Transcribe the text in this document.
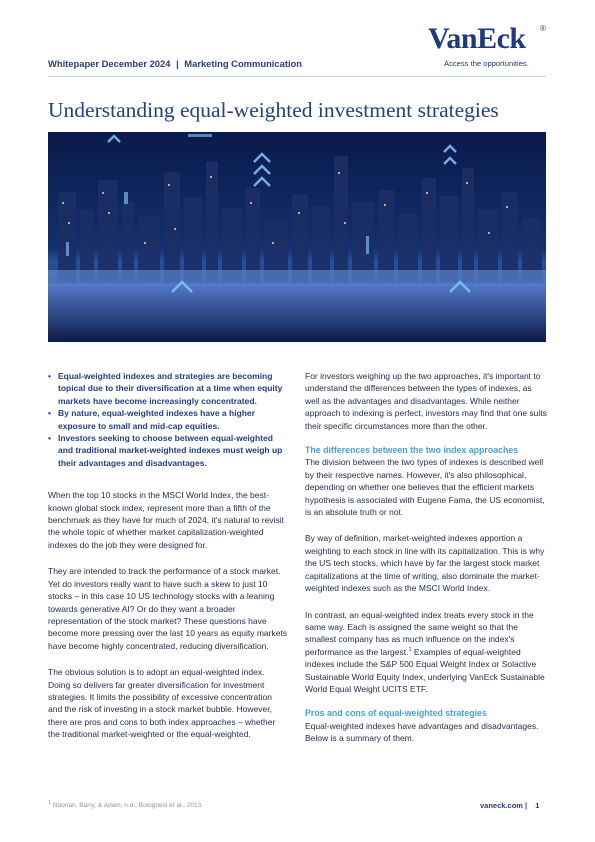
Whitepaper December 2024 | Marketing Communication
VanEck ®
Access the opportunities.
Understanding equal-weighted investment strategies
• Equal-weighted indexes and strategies are becoming topical due to their diversification at a time when equity markets have become increasingly concentrated.
• By nature, equal-weighted indexes have a higher exposure to small and mid-cap equities.
• Investors seeking to choose between equal-weighted and traditional market-weighted indexes must weigh up their advantages and disadvantages.

When the top 10 stocks in the MSCI World Index, the best-known global stock index, represent more than a fifth of the benchmark as they have for much of 2024, it's natural to revisit the whole topic of whether market capitalization-weighted indexes do the job they were designed for.

They are intended to track the performance of a stock market. Yet do investors really want to have such a skew to just 10 stocks – in this case 10 US technology stocks with a leaning towards generative AI? Or do they want a broader representation of the stock market? These questions have become more pressing over the last 10 years as equity markets have become highly concentrated, reducing diversification.

The obvious solution is to adopt an equal-weighted index. Doing so delivers far greater diversification for investment strategies. It limits the possibility of excessive concentration and the risk of investing in a stock market bubble. However, there are pros and cons to both index approaches – whether the traditional market-weighted or the equal-weighted.

For investors weighing up the two approaches, it's important to understand the differences between the types of indexes, as well as the advantages and disadvantages. While neither approach to indexing is perfect, investors may find that one suits their specific circumstances more than the other.

The differences between the two index approaches

The division between the two types of indexes is described well by their respective names. However, it's also philosophical, depending on whether one believes that the efficient markets hypothesis is associated with Eugene Fama, the US economist, is an absolute truth or not.

By way of definition, market-weighted indexes apportion a weighting to each stock in line with its capitalization. This is why the US tech stocks, which have by far the largest stock market capitalizations at the time of writing, also dominate the market-weighted indexes such as the MSCI World Index.

In contrast, an equal-weighted index treats every stock in the same way. Each is assigned the same weight so that the smallest company has as much influence on the index's performance as the largest.$^1$ Examples of equal-weighted indexes include the S&P 500 Equal Weight Index or Solactive Sustainable World Equity Index, underlying VanEck Sustainable World Equal Weight UCITS ETF.

Pros and cons of equal-weighted strategies

Equal-weighted indexes have advantages and disadvantages. Below is a summary of them.

$^1$ Noonan, Barry, & Adam, n.d.; Bolognesi et al., 2013.	vaneck.com | 1
